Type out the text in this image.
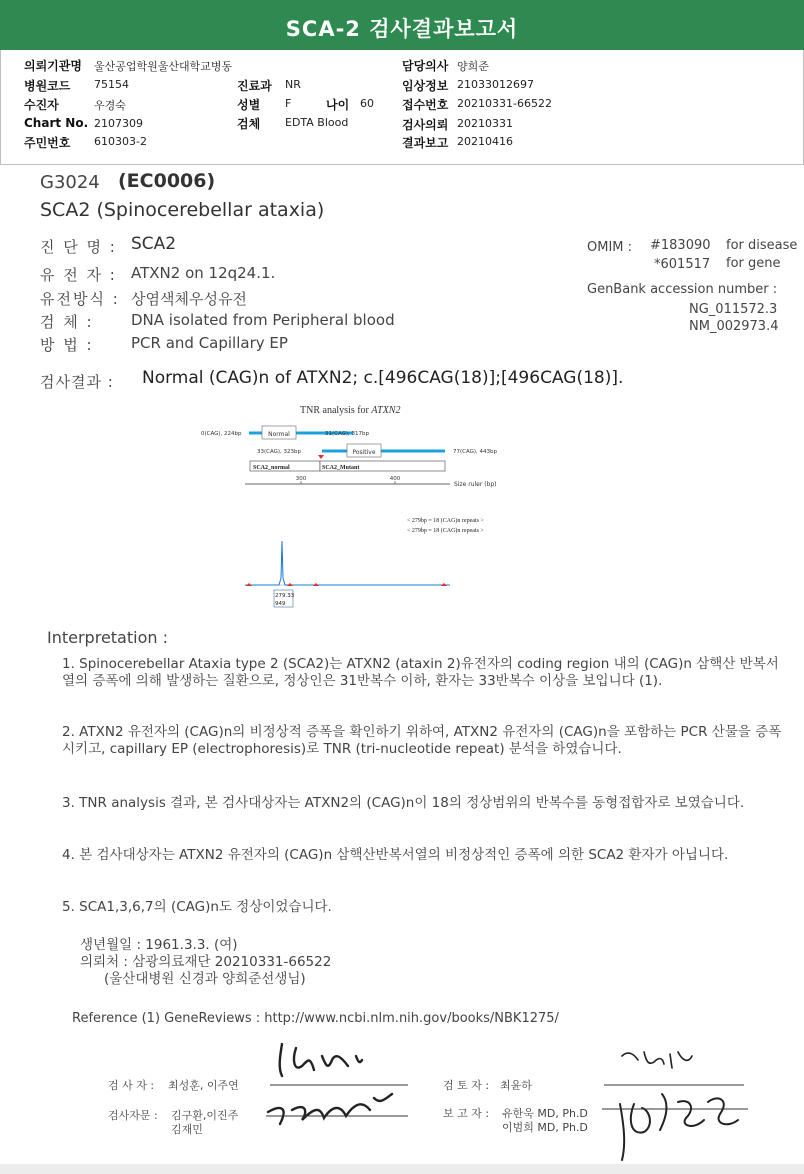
SCA-2 검사결과보고서
의뢰기관명 울산공업학원울산대학교병동	담당의사 양희준
병원코드 75154	진료과 NR	임상정보 21033012697
수진자	우경숙	성별 F	나이 60 접수번호 20210331-66522
Chart No. 2107309	검체 EDTA Blood	검사의뢰 20210331
주민번호 610303-2	결과보고 20210416
G3024 (EC0006)
SCA2 (Spinocerebellar ataxia)
진 단 명 : SCA2
유 전 자 : ATXN2 on 12q24.1.
유전방식 : 상염색체우성유전
검 체 : DNA isolated from Peripheral blood
방 법 : PCR and Capillary EP
OMIM : #183090 for disease
*601517 for gene
GenBank accession number :
NG_011572.3
NM_002973.4
검사결과 : Normal (CAG)n of ATXN2; c.[496CAG(18)];[496CAG(18)].
TNR analysis for ATXN2
Normal
0(CAG), 224bp	31(CAG), 317bp
Positive
33(CAG), 323bp	77(CAG), 443bp
SCA2_normal	SCA2_Mutant
300	400
Size ruler (bp)
< 279bp = 18 (CAG)n repeats >
< 279bp = 18 (CAG)n repeats >
279.33
949
Interpretation :
1. Spinocerebellar Ataxia type 2 (SCA2)는 ATXN2 (ataxin 2)유전자의 coding region 내의 (CAG)n 삼핵산 반복서열의 증폭에 의해 발생하는 질환으로, 정상인은 31반복수 이하, 환자는 33반복수 이상을 보입니다 (1).
2. ATXN2 유전자의 (CAG)n의 비정상적 증폭을 확인하기 위하여, ATXN2 유전자의 (CAG)n을 포함하는 PCR 산물을 증폭시키고, capillary EP (electrophoresis)로 TNR (tri-nucleotide repeat) 분석을 하였습니다.
3. TNR analysis 결과, 본 검사대상자는 ATXN2의 (CAG)n이 18의 정상범위의 반복수를 동형접합자로 보였습니다.
4. 본 검사대상자는 ATXN2 유전자의 (CAG)n 삼핵산반복서열의 비정상적인 증폭에 의한 SCA2 환자가 아닙니다.
5. SCA1,3,6,7의 (CAG)n도 정상이었습니다.
생년월일 : 1961.3.3. (여)
의뢰처 : 삼광의료재단 20210331-66522
(울산대병원 신경과 양희준선생님)
Reference (1) GeneReviews : http://www.ncbi.nlm.nih.gov/books/NBK1275/
검 사 자 : 최성훈, 이주연	검 토 자 : 최윤하
검사자문 : 김구환,이진주
김재민
보 고 자 : 유한욱 MD, Ph.D
이범희 MD, Ph.D
